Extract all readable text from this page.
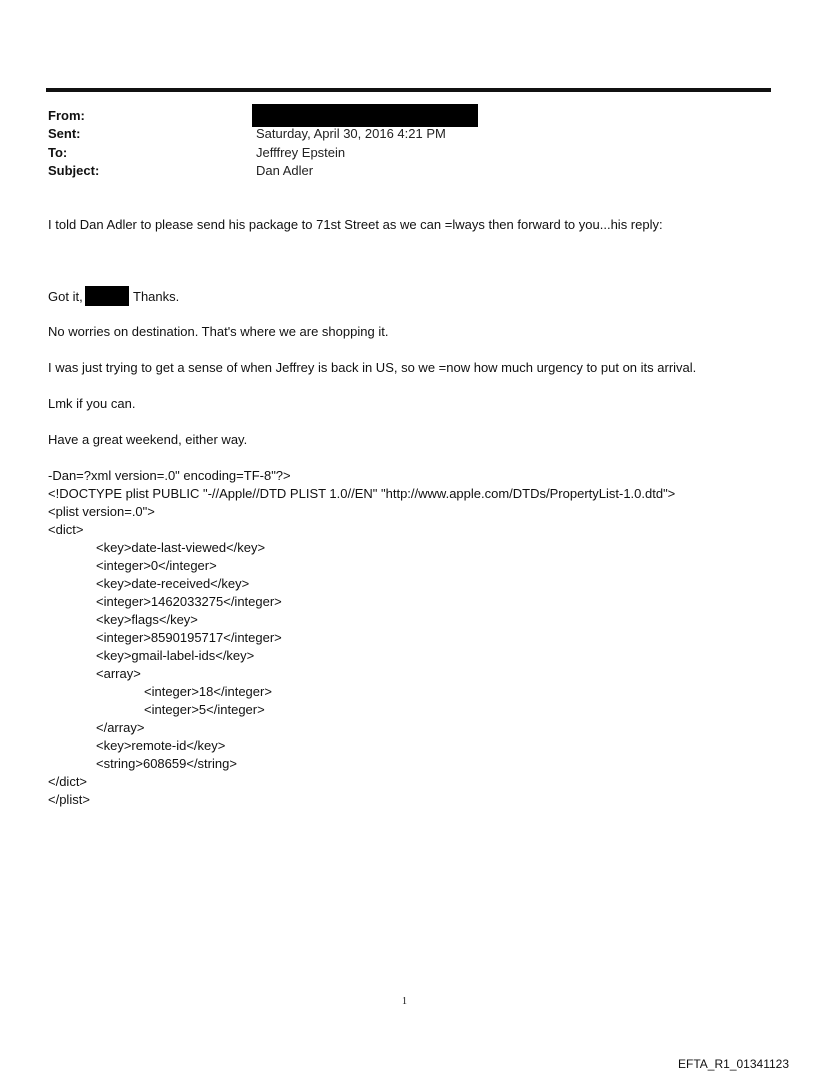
From:
Sent:	Saturday, April 30, 2016 4:21 PM
To:	Jefffrey Epstein
Subject:	Dan Adler
I told Dan Adler to please send his package to 71st Street as we can =lways then forward to you...his reply:
Got it,	Thanks.
No worries on destination. That's where we are shopping it.
I was just trying to get a sense of when Jeffrey is back in US, so we =now how much urgency to put on its arrival.
Lmk if you can.
Have a great weekend, either way.
-Dan=?xml version=.0" encoding=TF-8"?>
<!DOCTYPE plist PUBLIC "-//Apple//DTD PLIST 1.0//EN" "http://www.apple.com/DTDs/PropertyList-1.0.dtd">
<plist version=.0">
<dict>
<key>date-last-viewed</key>
<integer>0</integer>
<key>date-received</key>
<integer>1462033275</integer>
<key>flags</key>
<integer>8590195717</integer>
<key>gmail-label-ids</key>
<array>
<integer>18</integer>
<integer>5</integer>
</array>
<key>remote-id</key>
<string>608659</string>
</dict>
</plist>
1
EFTA_R1_01341123
